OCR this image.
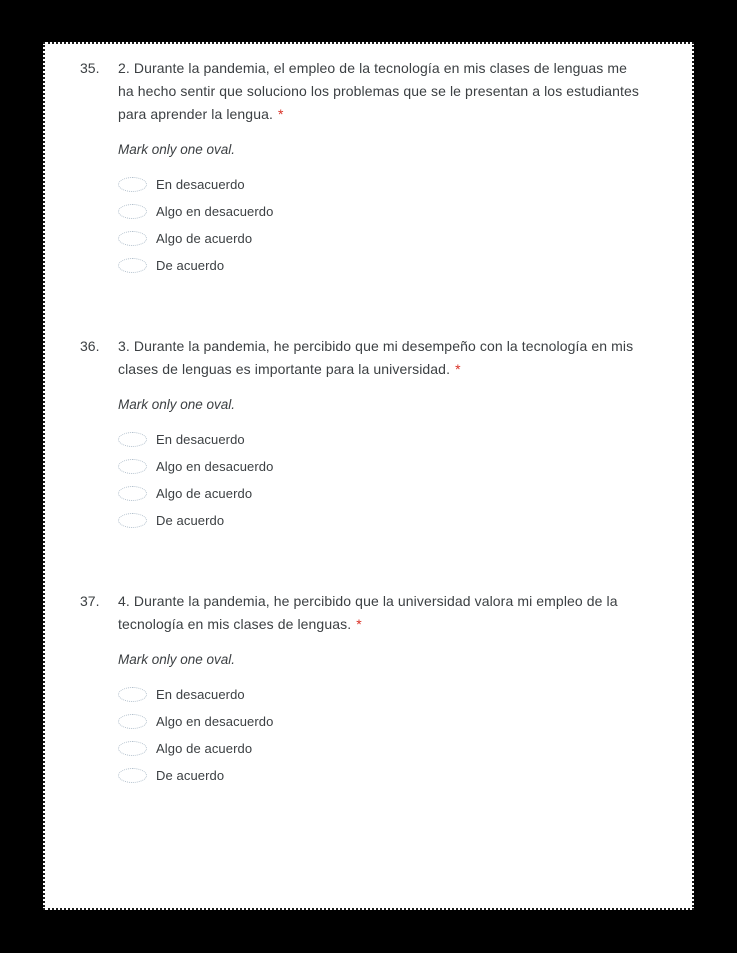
35.	2. Durante la pandemia, el empleo de la tecnología en mis clases de lenguas me ha hecho sentir que soluciono los problemas que se le presentan a los estudiantes para aprender la lengua. *

Mark only one oval.

En desacuerdo
Algo en desacuerdo
Algo de acuerdo
De acuerdo
36.	3. Durante la pandemia, he percibido que mi desempeño con la tecnología en mis clases de lenguas es importante para la universidad. *

Mark only one oval.

En desacuerdo
Algo en desacuerdo
Algo de acuerdo
De acuerdo
37.	4. Durante la pandemia, he percibido que la universidad valora mi empleo de la tecnología en mis clases de lenguas. *

Mark only one oval.

En desacuerdo
Algo en desacuerdo
Algo de acuerdo
De acuerdo
